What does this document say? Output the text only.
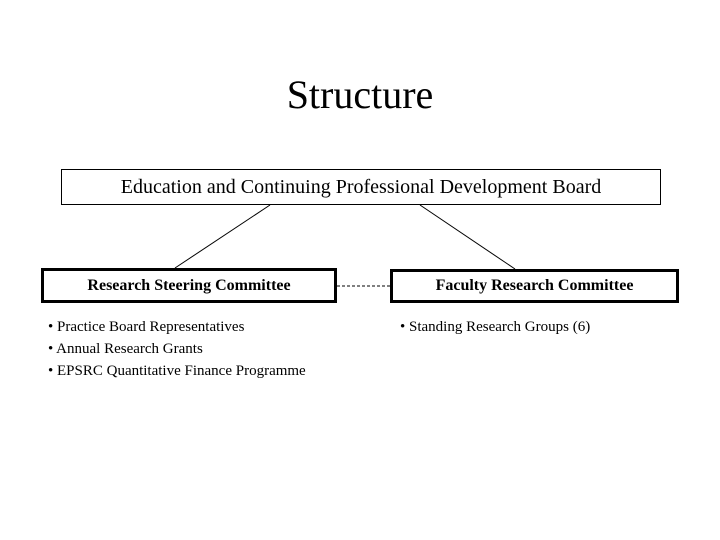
Structure
Education and Continuing Professional Development Board
Research Steering Committee	Faculty Research Committee
• Practice Board Representatives
• Annual Research Grants
• EPSRC Quantitative Finance Programme
• Standing Research Groups (6)
